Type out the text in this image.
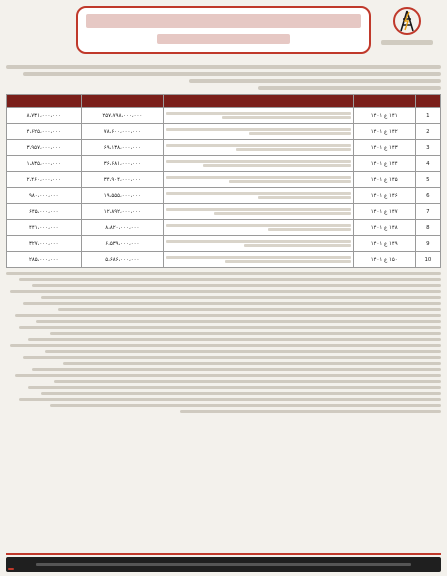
1	۱۴۱ ع ۱۴۰۱		۲۵۷،۷۹۸،۰۰۰،۰۰۰	۸،۷۳۱،۰۰۰،۰۰۰
2	۱۴۲ ع ۱۴۰۱		۷۸،۶۰۰،۰۰۰،۰۰۰	۴،۶۲۵،۰۰۰،۰۰۰
3	۱۴۳ ع ۱۴۰۱		۶۹،۱۳۸،۰۰۰،۰۰۰	۳،۹۵۷،۰۰۰،۰۰۰
4	۱۴۴ ع ۱۴۰۱		۳۶،۶۸۱،۰۰۰،۰۰۰	۱،۸۳۵،۰۰۰،۰۰۰
5	۱۴۵ ع ۱۴۰۱		۳۴،۹۰۴،۰۰۰،۰۰۰	۲،۴۶۰،۰۰۰،۰۰۰
6	۱۴۶ ع ۱۴۰۱		۱۹،۵۵۵،۰۰۰،۰۰۰	۹۸۰،۰۰۰،۰۰۰
7	۱۴۷ ع ۱۴۰۱		۱۲،۸۹۲،۰۰۰،۰۰۰	۶۴۵،۰۰۰،۰۰۰
8	۱۴۸ ع ۱۴۰۱		۸،۸۲۰،۰۰۰،۰۰۰	۴۴۱،۰۰۰،۰۰۰
9	۱۴۹ ع ۱۴۰۱		۶،۵۳۹،۰۰۰،۰۰۰	۳۲۷،۰۰۰،۰۰۰
10	۱۵۰ ع ۱۴۰۱		۵،۶۸۶،۰۰۰،۰۰۰	۲۸۵،۰۰۰،۰۰۰
